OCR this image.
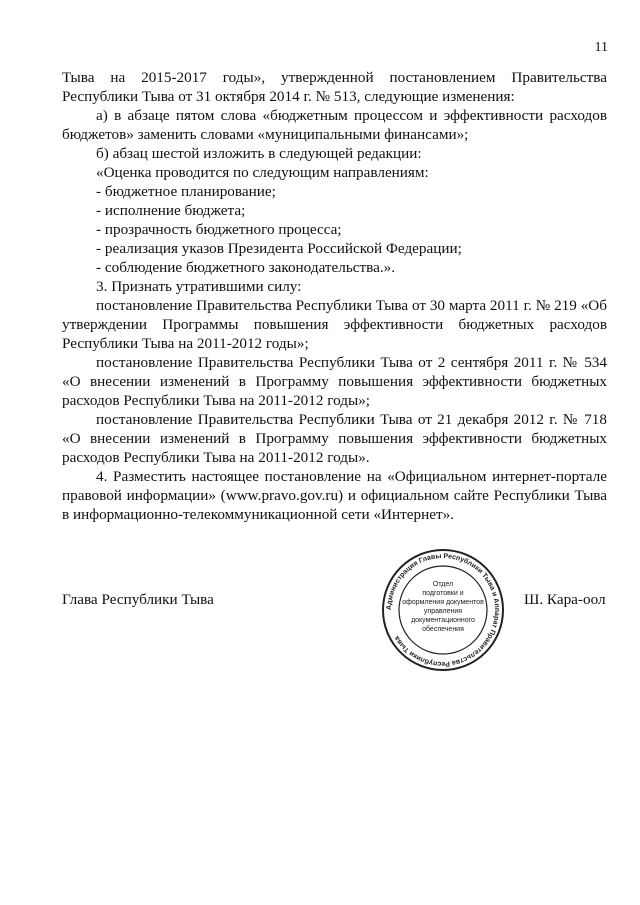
11

Тыва на 2015-2017 годы», утвержденной постановлением Правительства Республики Тыва от 31 октября 2014 г. № 513, следующие изменения:

а) в абзаце пятом слова «бюджетным процессом и эффективности расходов бюджетов» заменить словами «муниципальными финансами»;

б) абзац шестой изложить в следующей редакции:

«Оценка проводится по следующим направлениям:

- бюджетное планирование;

- исполнение бюджета;

- прозрачность бюджетного процесса;

- реализация указов Президента Российской Федерации;

- соблюдение бюджетного законодательства.».

3. Признать утратившими силу:

постановление Правительства Республики Тыва от 30 марта 2011 г. № 219 «Об утверждении Программы повышения эффективности бюджетных расходов Республики Тыва на 2011-2012 годы»;

постановление Правительства Республики Тыва от 2 сентября 2011 г. № 534 «О внесении изменений в Программу повышения эффективности бюджетных расходов Республики Тыва на 2011-2012 годы»;

постановление Правительства Республики Тыва от 21 декабря 2012 г. № 718 «О внесении изменений в Программу повышения эффективности бюджетных расходов Республики Тыва на 2011-2012 годы».

4. Разместить настоящее постановление на «Официальном интернет-портале правовой информации» (www.pravo.gov.ru) и официальном сайте Республики Тыва в информационно-телекоммуникационной сети «Интернет».

Глава Республики Тыва	Администрация Главы Республики Тыва и Аппарат Правительства Республики Тыва
Отдел
подготовки и
оформления документов
управления
документационного
обеспечения
Ш. Кара-оол
